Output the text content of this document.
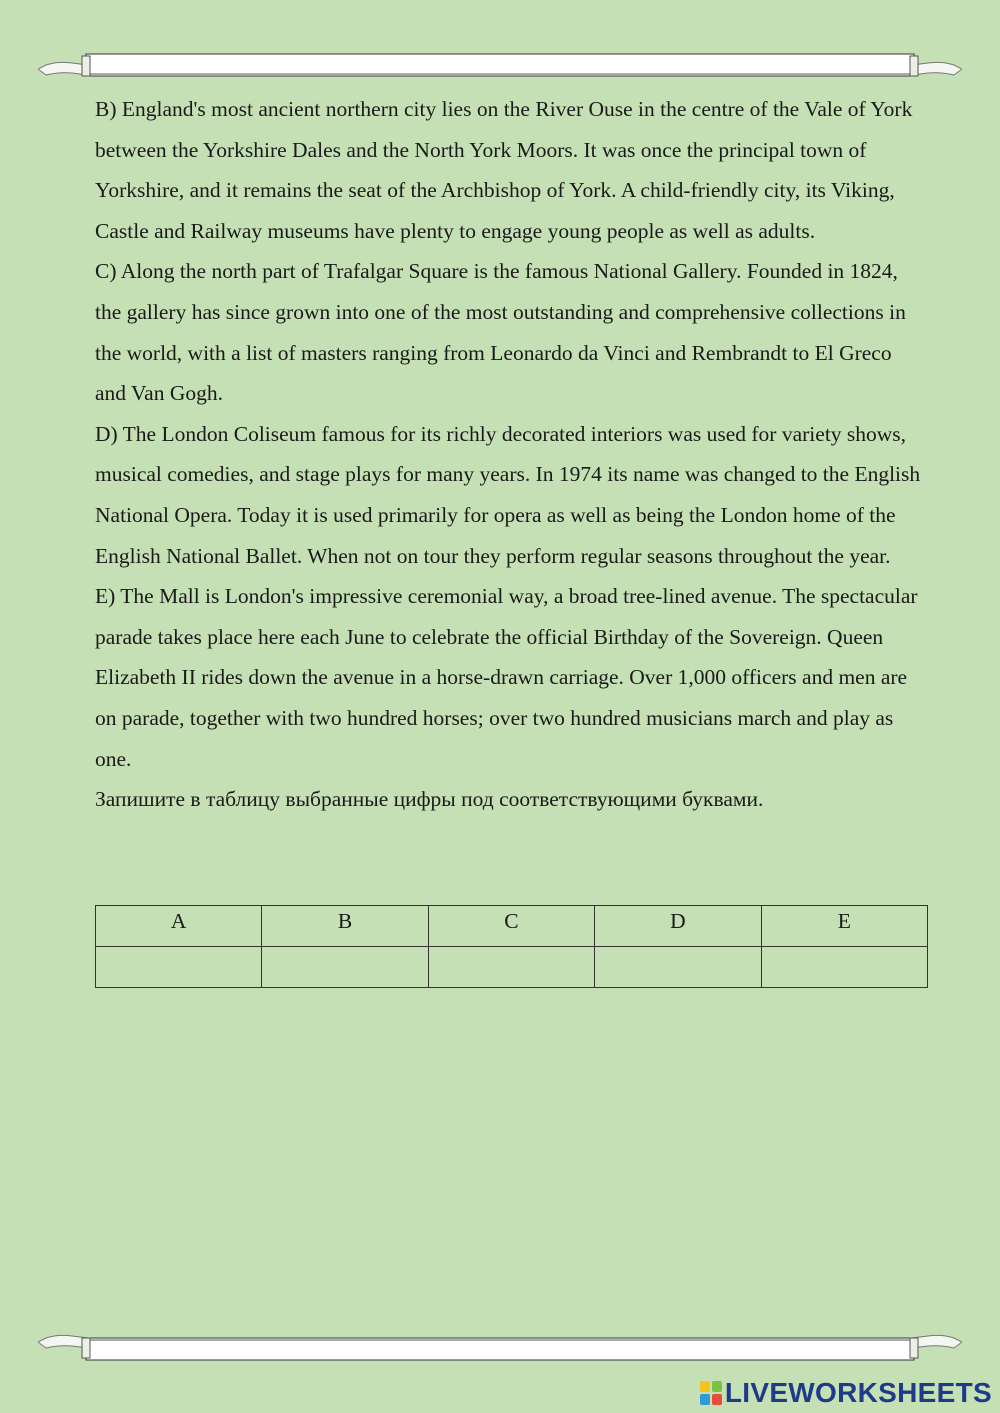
B) England's most ancient northern city lies on the River Ouse in the centre of the Vale of York between the Yorkshire Dales and the North York Moors. It was once the principal town of Yorkshire, and it remains the seat of the Archbishop of York. A child-friendly city, its Viking, Castle and Railway museums have plenty to engage young people as well as adults.

C) Along the north part of Trafalgar Square is the famous National Gallery. Founded in 1824, the gallery has since grown into one of the most outstanding and comprehensive collections in the world, with a list of masters ranging from Leonardo da Vinci and Rembrandt to El Greco and Van Gogh.

D) The London Coliseum famous for its richly decorated interiors was used for variety shows, musical comedies, and stage plays for many years. In 1974 its name was changed to the English National Opera. Today it is used primarily for opera as well as being the London home of the English National Ballet. When not on tour they perform regular seasons throughout the year.

E) The Mall is London's impressive ceremonial way, a broad tree-lined avenue. The spectacular parade takes place here each June to celebrate the official Birthday of the Sovereign. Queen Elizabeth II rides down the avenue in a horse-drawn carriage. Over 1,000 officers and men are on parade, together with two hundred horses; over two hundred musicians march and play as one.

Запишите в таблицу выбранные цифры под соответствующими буквами.

A	B	C	D	E

LIVEWORKSHEETS
